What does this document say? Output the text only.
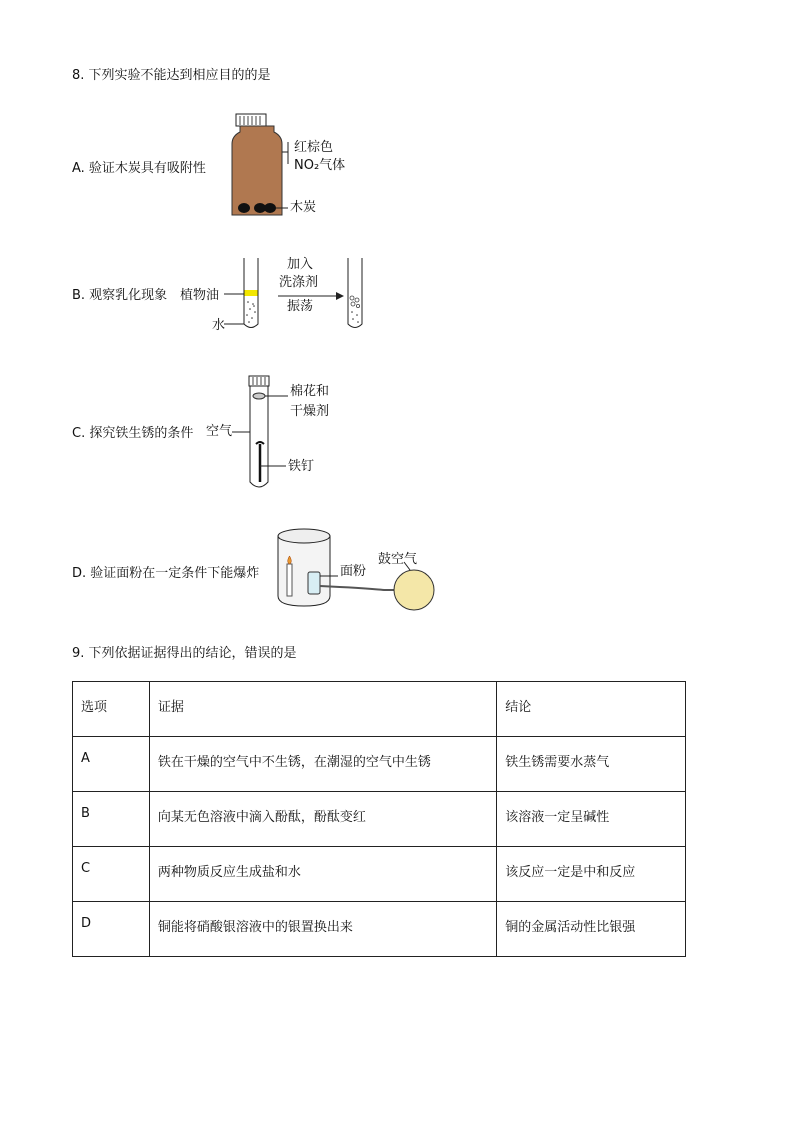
8. 下列实验不能达到相应目的的是
A. 验证木炭具有吸附性
红棕色
NO₂气体
木炭
B. 观察乳化现象 植物油
水
加入
洗涤剂
振荡
C. 探究铁生锈的条件
棉花和
干燥剂
空气
铁钉
D. 验证面粉在一定条件下能爆炸	面粉
鼓空气
9. 下列依据证据得出的结论，错误的是
选项	证据	结论
A	铁在干燥的空气中不生锈，在潮湿的空气中生锈	铁生锈需要水蒸气
B	向某无色溶液中滴入酚酞，酚酞变红	该溶液一定呈碱性
C	两种物质反应生成盐和水	该反应一定是中和反应
D	铜能将硝酸银溶液中的银置换出来	铜的金属活动性比银强
